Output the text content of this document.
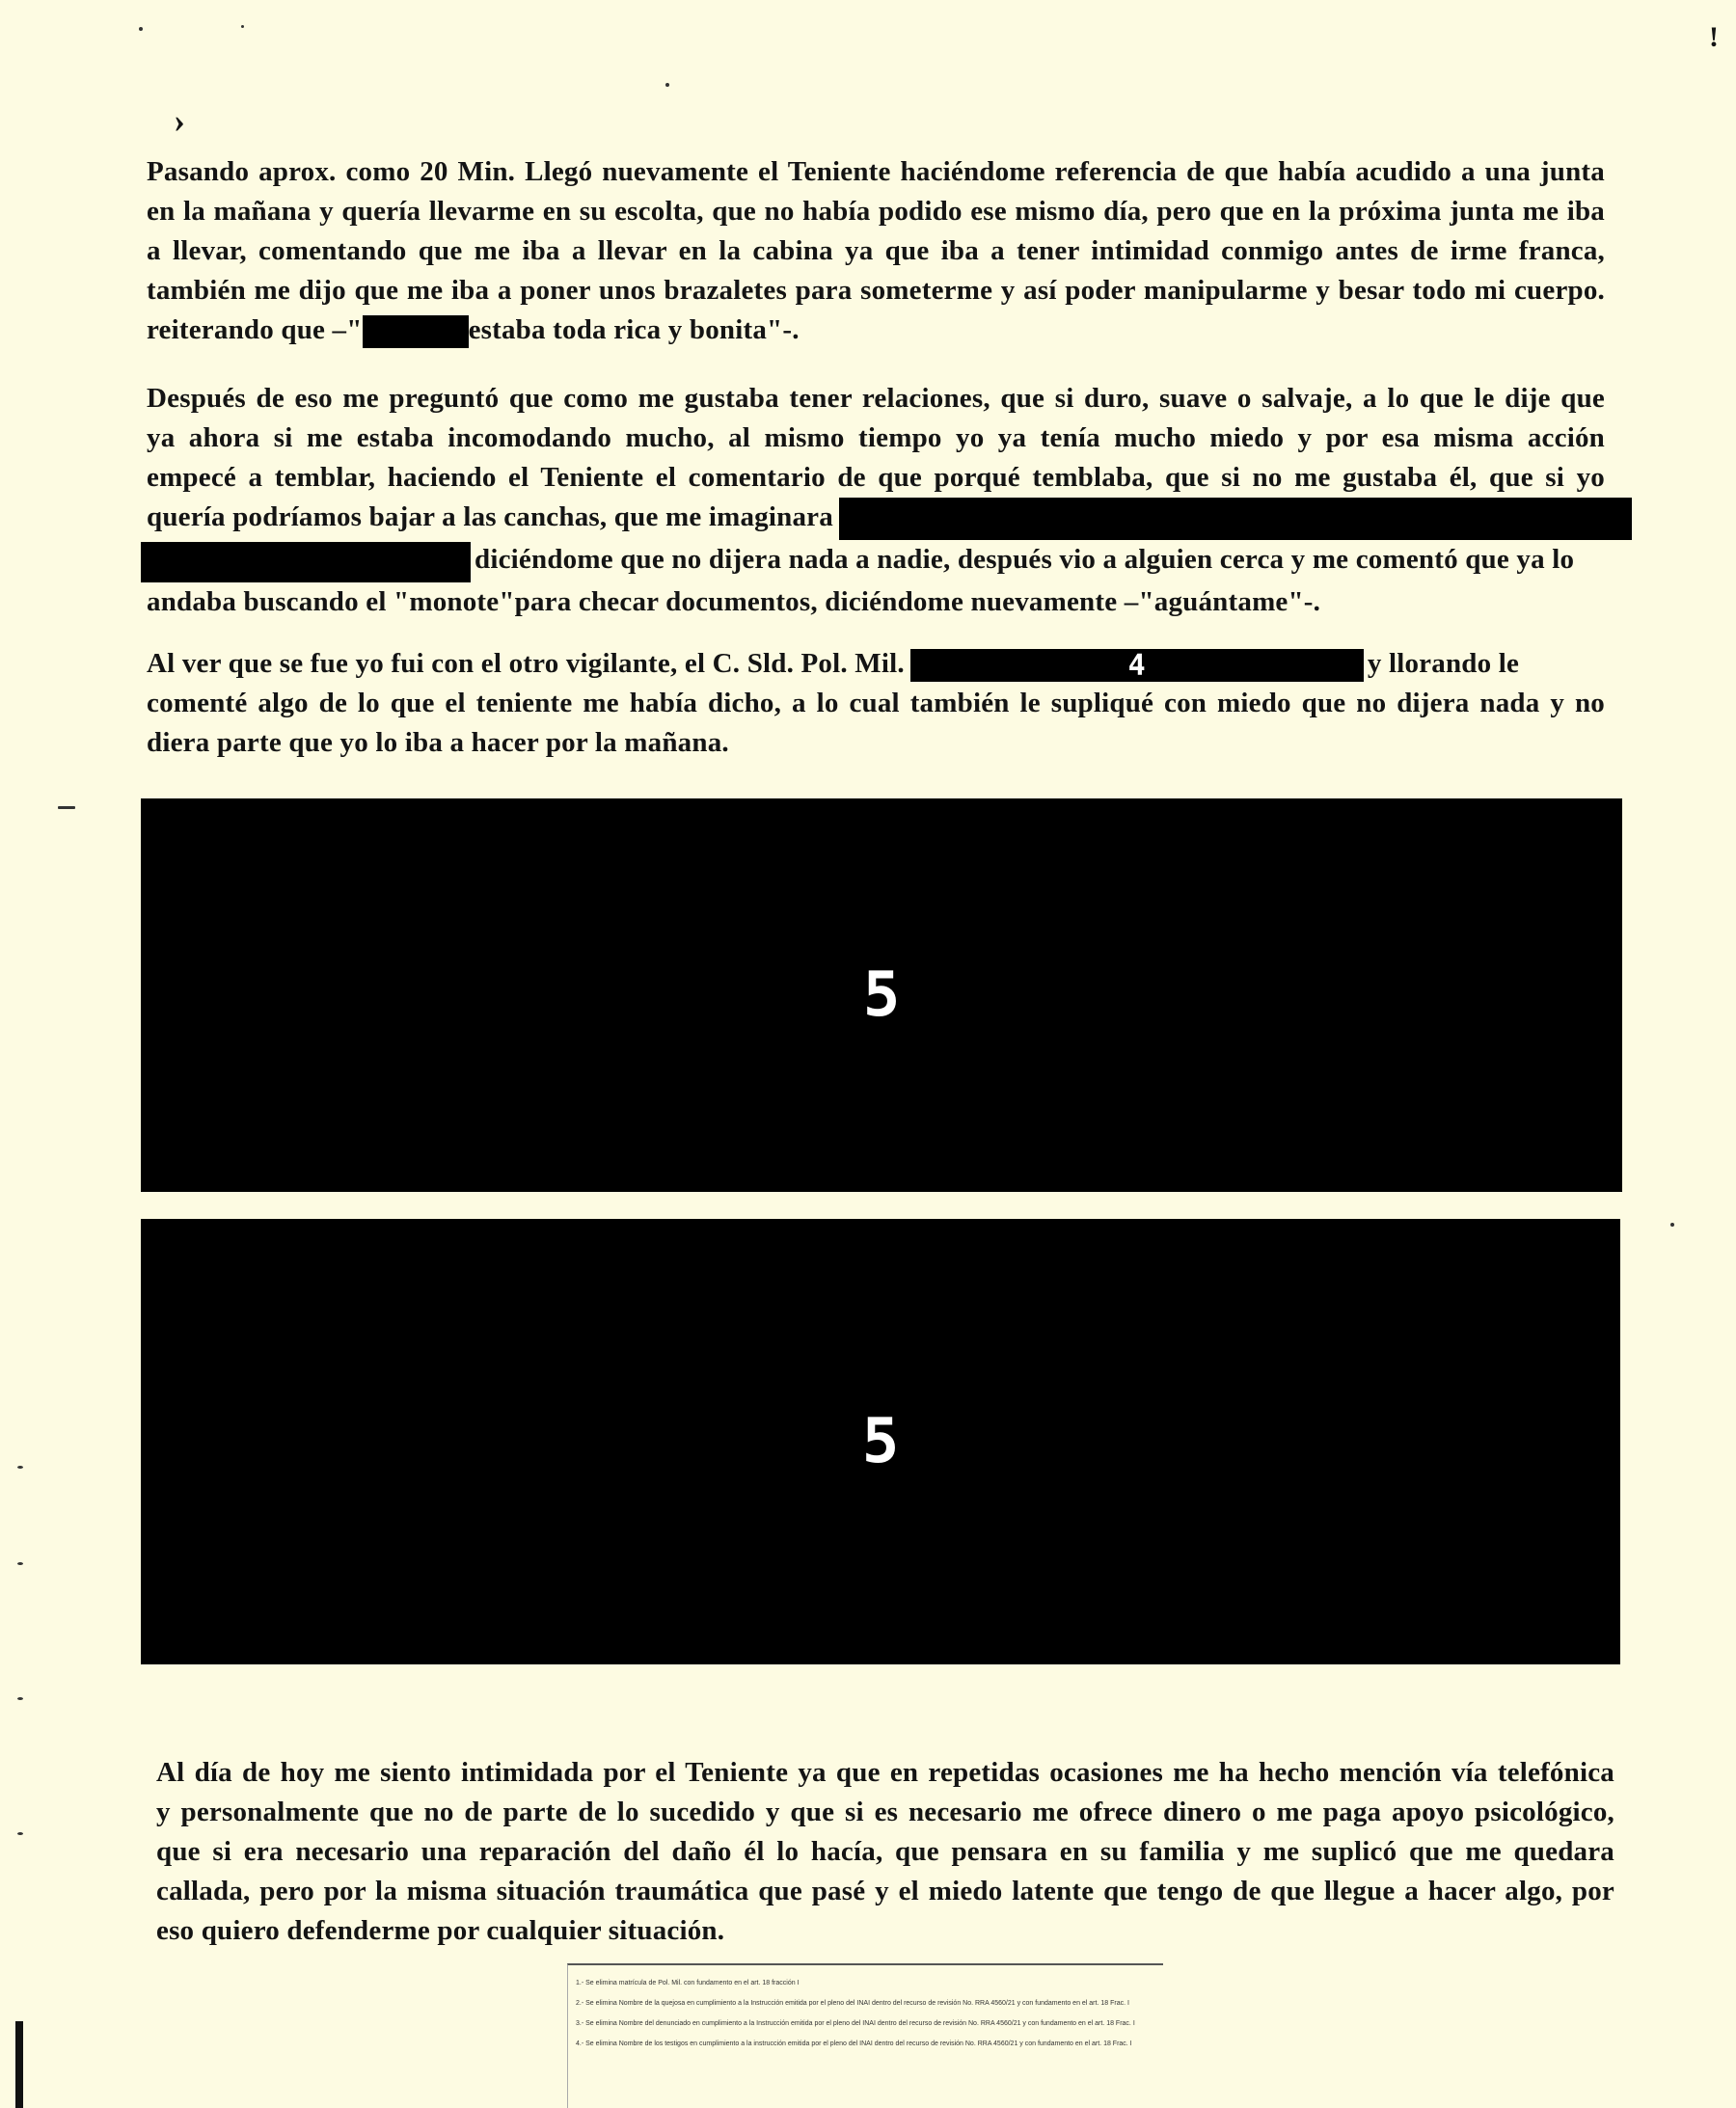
›
!
Pasando aprox. como 20 Min. Llegó nuevamente el Teniente haciéndome referencia de que había acudido a una junta
en la mañana y quería llevarme en su escolta, que no había podido ese mismo día, pero que en la próxima junta me iba
a llevar, comentando que me iba a llevar en la cabina ya que iba a tener intimidad conmigo antes de irme franca,
también me dijo que me iba a poner unos brazaletes para someterme y así poder manipularme y besar todo mi cuerpo.
reiterando que –"	estaba toda rica y bonita"-.
Después de eso me preguntó que como me gustaba tener relaciones, que si duro, suave o salvaje, a lo que le dije que
ya ahora si me estaba incomodando mucho, al mismo tiempo yo ya tenía mucho miedo y por esa misma acción
empecé a temblar, haciendo el Teniente el comentario de que porqué temblaba, que si no me gustaba él, que si yo
quería podríamos bajar a las canchas, que me imaginara
diciéndome que no dijera nada a nadie, después vio a alguien cerca y me comentó que ya lo
andaba buscando el "monote"para checar documentos, diciéndome nuevamente –"aguántame"-.
Al ver que se fue yo fui con el otro vigilante, el C. Sld. Pol. Mil.	4	y llorando le
comenté algo de lo que el teniente me había dicho, a lo cual también le supliqué con miedo que no dijera nada y no
diera parte que yo lo iba a hacer por la mañana.
5
5
Al día de hoy me siento intimidada por el Teniente ya que en repetidas ocasiones me ha hecho mención vía telefónica
y personalmente que no de parte de lo sucedido y que si es necesario me ofrece dinero o me paga apoyo psicológico,
que si era necesario una reparación del daño él lo hacía, que pensara en su familia y me suplicó que me quedara
callada, pero por la misma situación traumática que pasé y el miedo latente que tengo de que llegue a hacer algo, por
eso quiero defenderme por cualquier situación.
1.- Se elimina matrícula de Pol. Mil. con fundamento en el art. 18 fracción I
2.- Se elimina Nombre de la quejosa en cumplimiento a la Instrucción emitida por el pleno del INAI dentro del recurso de revisión No. RRA 4560/21 y con fundamento en el art. 18 Frac. I
3.- Se elimina Nombre del denunciado en cumplimiento a la Instrucción emitida por el pleno del INAI dentro del recurso de revisión No. RRA 4560/21 y con fundamento en el art. 18 Frac. I
4.- Se elimina Nombre de los testigos en cumplimiento a la instrucción emitida por el pleno del INAI dentro del recurso de revisión No. RRA 4560/21 y con fundamento en el art. 18 Frac. I
